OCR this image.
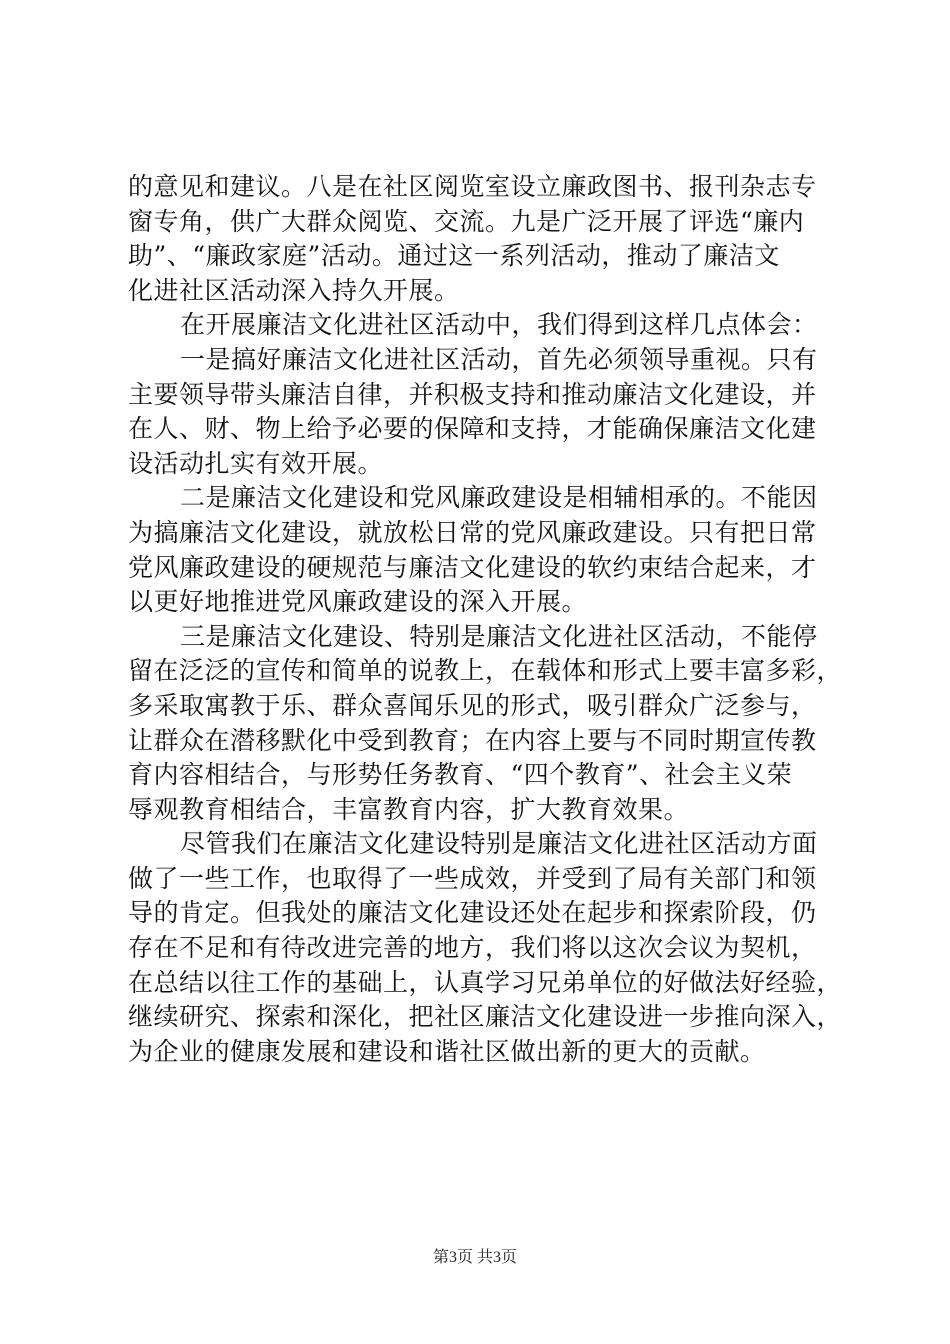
的意见和建议。八是在社区阅览室设立廉政图书、报刊杂志专
窗专角，供广大群众阅览、交流。九是广泛开展了评选“廉内
助”、“廉政家庭”活动。通过这一系列活动，推动了廉洁文
化进社区活动深入持久开展。
在开展廉洁文化进社区活动中，我们得到这样几点体会：
一是搞好廉洁文化进社区活动，首先必须领导重视。只有
主要领导带头廉洁自律，并积极支持和推动廉洁文化建设，并
在人、财、物上给予必要的保障和支持，才能确保廉洁文化建
设活动扎实有效开展。
二是廉洁文化建设和党风廉政建设是相辅相承的。不能因
为搞廉洁文化建设，就放松日常的党风廉政建设。只有把日常
党风廉政建设的硬规范与廉洁文化建设的软约束结合起来，才
以更好地推进党风廉政建设的深入开展。
三是廉洁文化建设、特别是廉洁文化进社区活动，不能停
留在泛泛的宣传和简单的说教上，在载体和形式上要丰富多彩，
多采取寓教于乐、群众喜闻乐见的形式，吸引群众广泛参与，
让群众在潜移默化中受到教育；在内容上要与不同时期宣传教
育内容相结合，与形势任务教育、“四个教育”、社会主义荣
辱观教育相结合，丰富教育内容，扩大教育效果。
尽管我们在廉洁文化建设特别是廉洁文化进社区活动方面
做了一些工作，也取得了一些成效，并受到了局有关部门和领
导的肯定。但我处的廉洁文化建设还处在起步和探索阶段，仍
存在不足和有待改进完善的地方，我们将以这次会议为契机，
在总结以往工作的基础上，认真学习兄弟单位的好做法好经验，
继续研究、探索和深化，把社区廉洁文化建设进一步推向深入，
为企业的健康发展和建设和谐社区做出新的更大的贡献。
第3页 共3页
